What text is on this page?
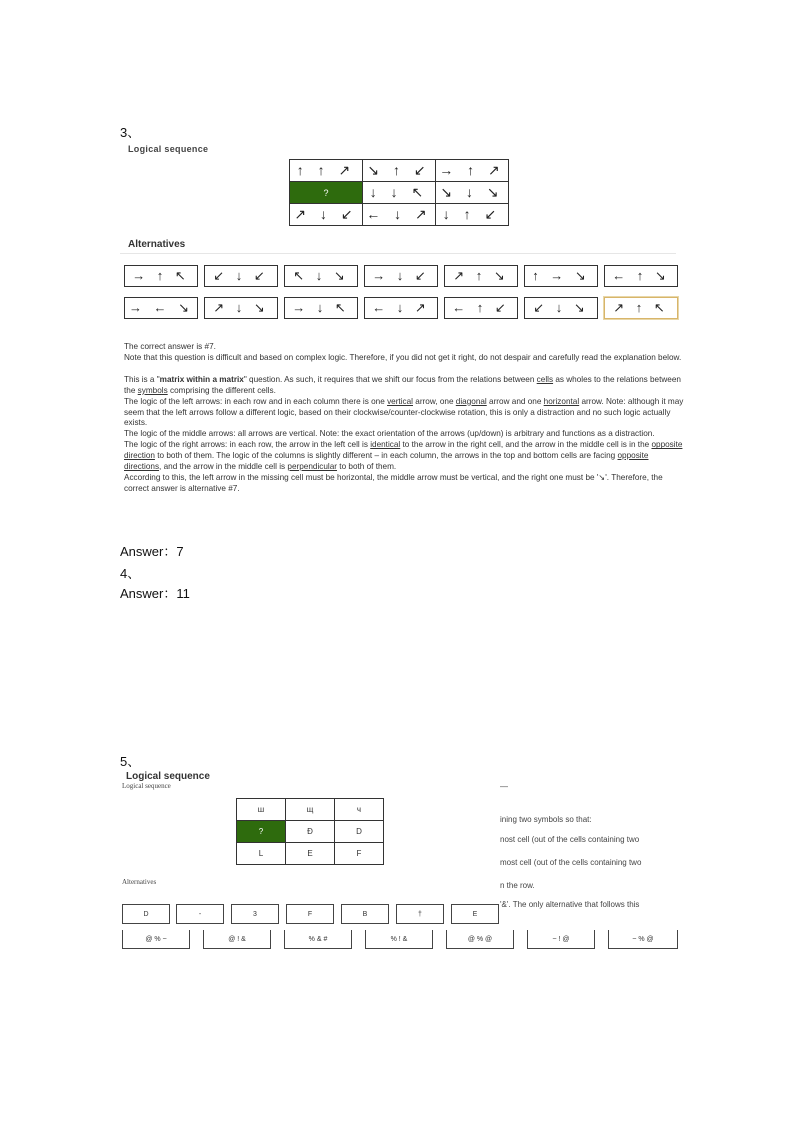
3、
Logical sequence
↑ ↑ ↗	↘ ↑ ↙	→ ↑ ↗
?	↓ ↓ ↖	↘ ↓ ↘
↗ ↓ ↙	← ↓ ↗	↓ ↑ ↙
Alternatives
→ ↑ ↖	↙ ↓ ↙	↖ ↓ ↘	→ ↓ ↙	↗ ↑ ↘	↑ → ↘	← ↑ ↘
→ ← ↘	↗ ↓ ↘	→ ↓ ↖	← ↓ ↗	← ↑ ↙	↙ ↓ ↘	↗ ↑ ↖

The correct answer is #7.

Note that this question is difficult and based on complex logic. Therefore, if you did not get it right, do not despair and carefully read the explanation below.

This is a "matrix within a matrix" question. As such, it requires that we shift our focus from the relations between cells as wholes to the relations between the symbols comprising the different cells.

The logic of the left arrows: in each row and in each column there is one vertical arrow, one diagonal arrow and one horizontal arrow. Note: although it may seem that the left arrows follow a different logic, based on their clockwise/counter-clockwise rotation, this is only a distraction and no such logic actually exists.

The logic of the middle arrows: all arrows are vertical. Note: the exact orientation of the arrows (up/down) is arbitrary and functions as a distraction.

The logic of the right arrows: in each row, the arrow in the left cell is identical to the arrow in the right cell, and the arrow in the middle cell is in the opposite direction to both of them. The logic of the columns is slightly different – in each column, the arrows in the top and bottom cells are facing opposite directions, and the arrow in the middle cell is perpendicular to both of them.

According to this, the left arrow in the missing cell must be horizontal, the middle arrow must be vertical, and the right one must be '↘'. Therefore, the correct answer is alternative #7.

Answer：7
4、
Answer：11
5、
Logical sequence
Logical sequence
ш	щ	ч
?	Ð	D
L	E	F
—
ining two symbols so that:
nost cell (out of the cells containing two
most cell (out of the cells containing two
n the row.
'&'. The only alternative that follows this
Alternatives
D	-	3	F	B	†	E
@ % ~	@ ! &	% & #	% ! &	@ % @	~ ! @	~ % @
